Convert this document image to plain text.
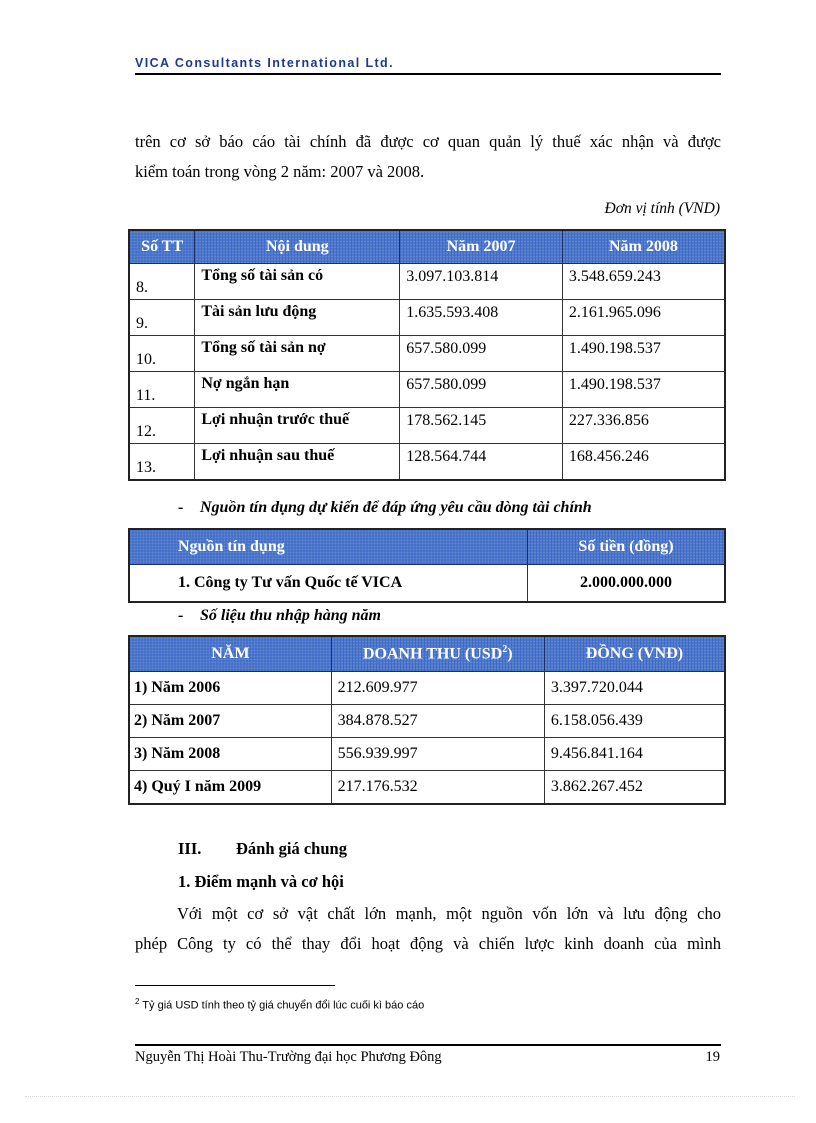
VICA Consultants International Ltd.
trên cơ sở báo cáo tài chính đã được cơ quan quản lý thuế xác nhận và được
kiểm toán trong vòng 2 năm: 2007 và 2008.
Đơn vị tính (VND)
Số TT	Nội dung	Năm 2007	Năm 2008
8.	Tổng số tài sản có	3.097.103.814	3.548.659.243
9.	Tài sản lưu động	1.635.593.408	2.161.965.096
10.	Tổng số tài sản nợ	657.580.099	1.490.198.537
11.	Nợ ngắn hạn	657.580.099	1.490.198.537
12.	Lợi nhuận trước thuế	178.562.145	227.336.856
13.	Lợi nhuận sau thuế	128.564.744	168.456.246
- Nguồn tín dụng dự kiến để đáp ứng yêu cầu dòng tài chính
Nguồn tín dụng	Số tiền (đồng)
1. Công ty Tư vấn Quốc tế VICA	2.000.000.000
- Số liệu thu nhập hàng năm
NĂM	DOANH THU (USD$^2$)	ĐỒNG (VNĐ)
1) Năm 2006	212.609.977	3.397.720.044
2) Năm 2007	384.878.527	6.158.056.439
3) Năm 2008	556.939.997	9.456.841.164
4) Quý I năm 2009	217.176.532	3.862.267.452
III. Đánh giá chung
1. Điểm mạnh và cơ hội
Với một cơ sở vật chất lớn mạnh, một nguồn vốn lớn và lưu động cho
phép Công ty có thể thay đổi hoạt động và chiến lược kinh doanh của mình
$^2$ Tỷ giá USD tính theo tỷ giá chuyển đổi lúc cuối kì báo cáo
Nguyễn Thị Hoài Thu-Trường đại học Phương Đông	19
